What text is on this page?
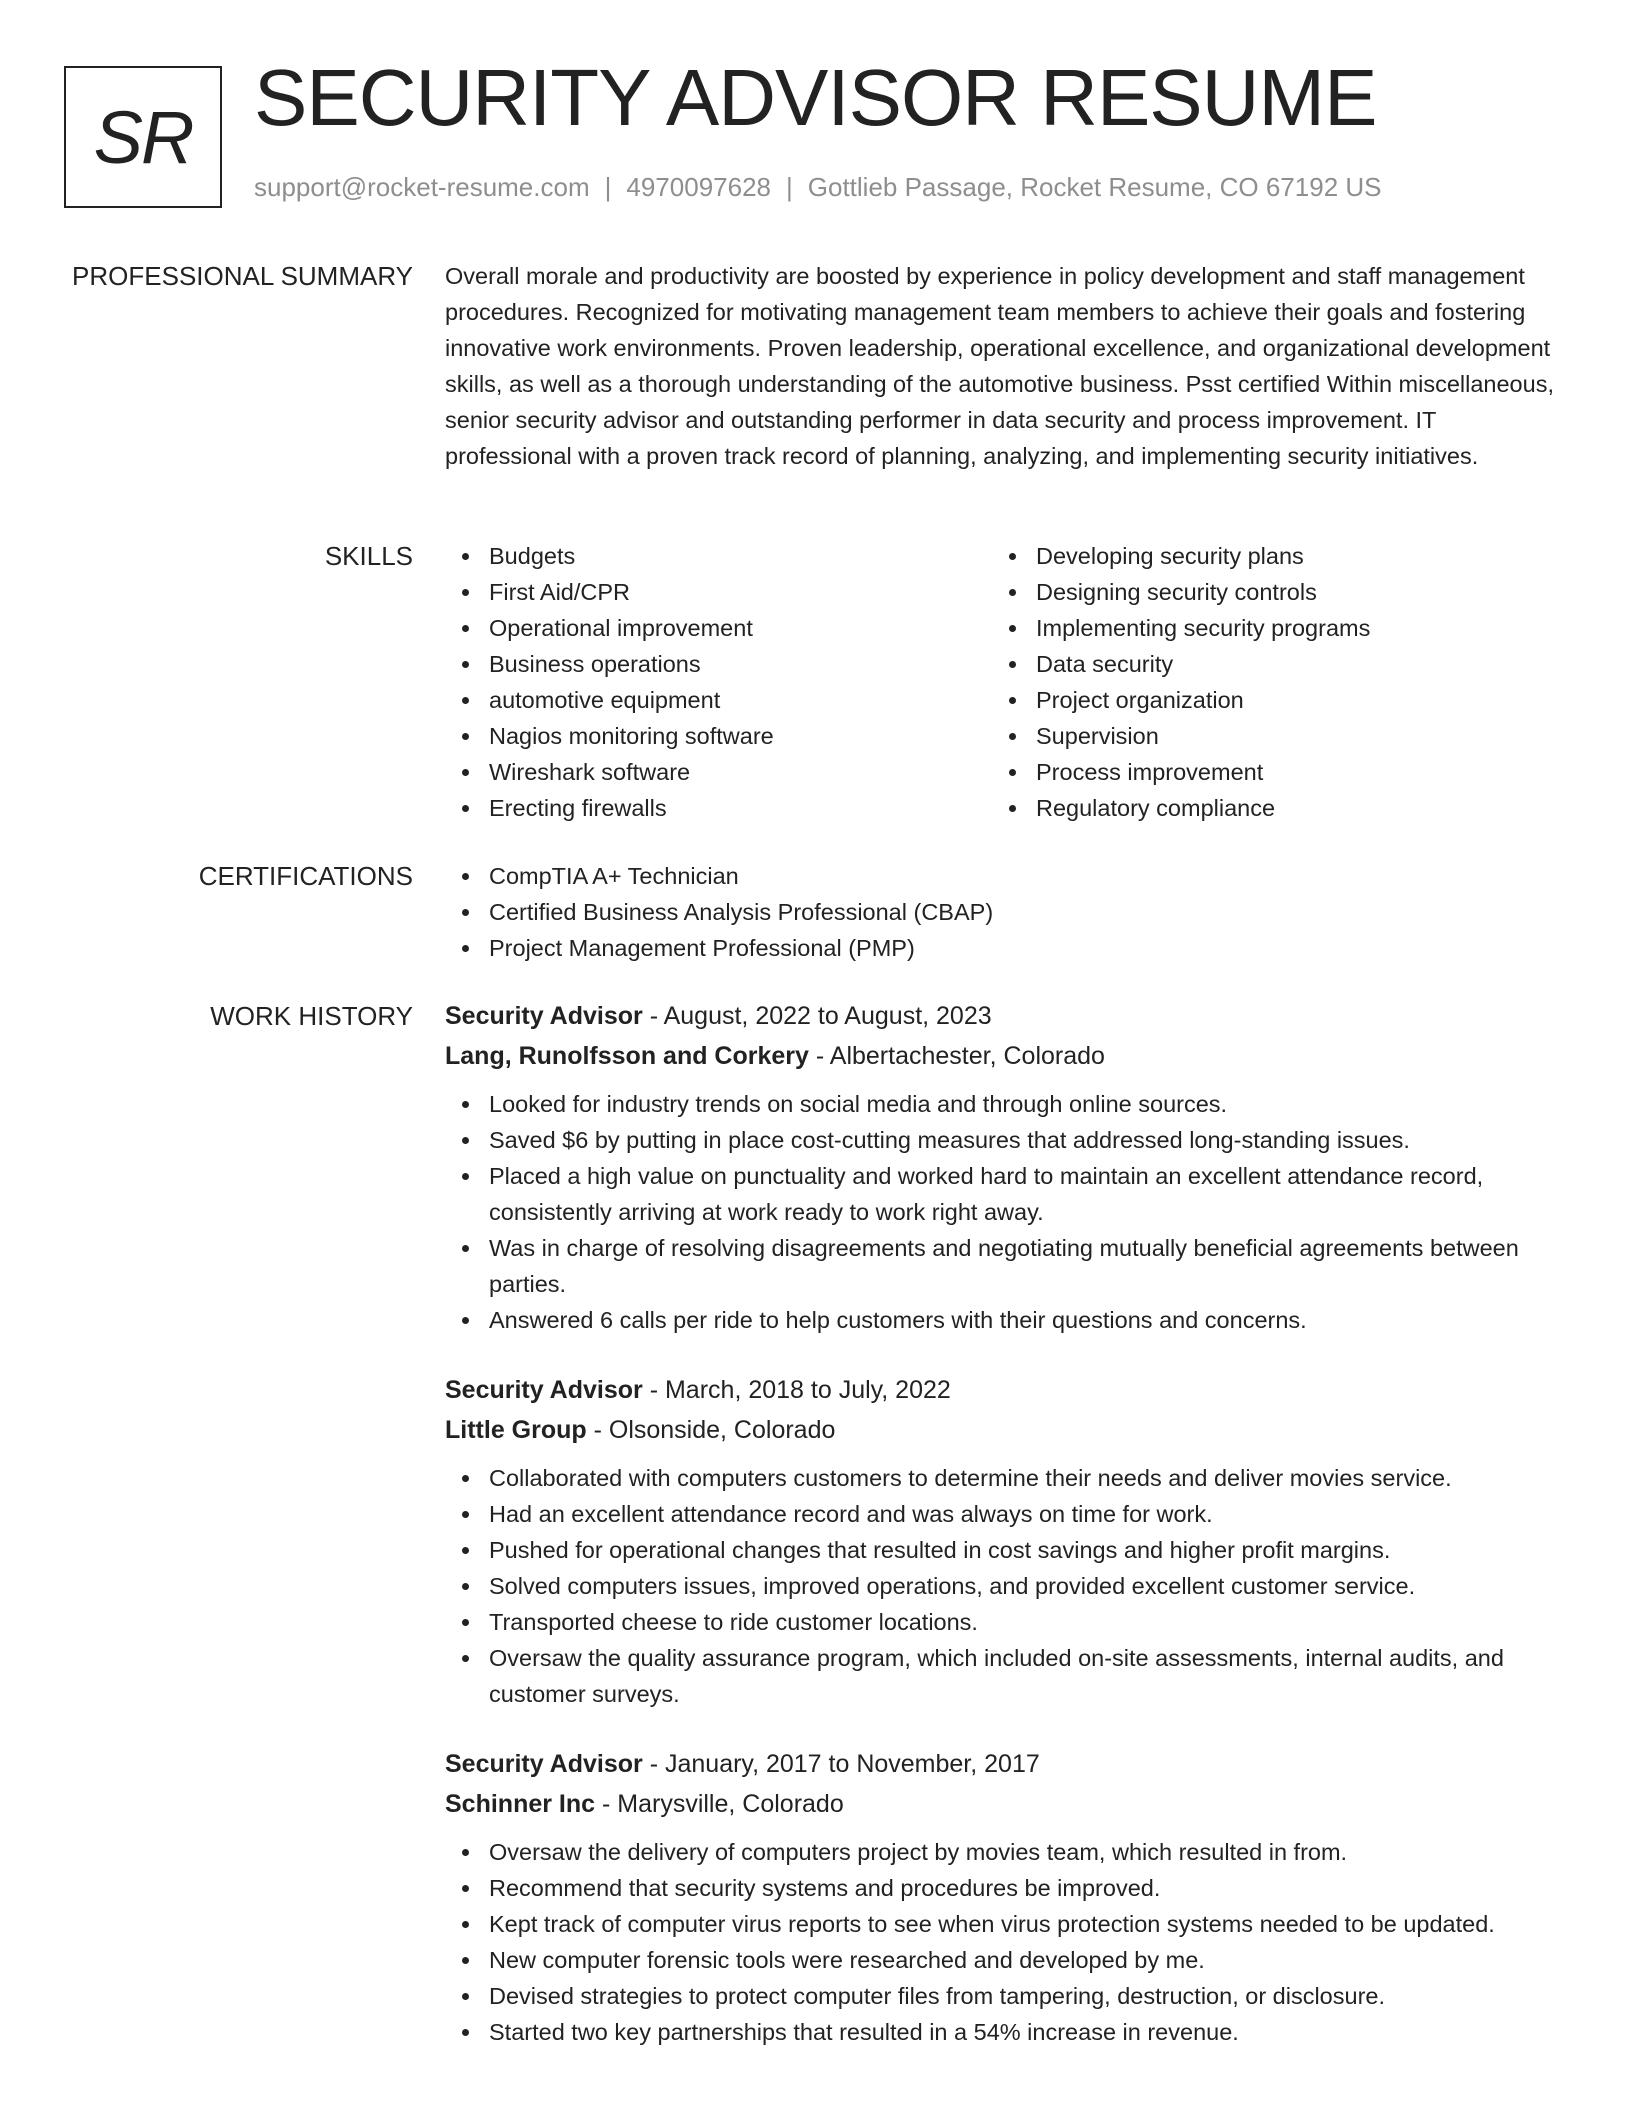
SR SECURITY ADVISOR RESUME
support@rocket-resume.com | 4970097628 | Gottlieb Passage, Rocket Resume, CO 67192 US
PROFESSIONAL SUMMARY Overall morale and productivity are boosted by experience in policy development and staff management procedures. Recognized for motivating management team members to achieve their goals and fostering innovative work environments. Proven leadership, operational excellence, and organizational development skills, as well as a thorough understanding of the automotive business. Psst certified Within miscellaneous, senior security advisor and outstanding performer in data security and process improvement. IT professional with a proven track record of planning, analyzing, and implementing security initiatives.
SKILLS	Budgets
First Aid/CPR
Operational improvement
Business operations
automotive equipment
Nagios monitoring software
Wireshark software
Erecting firewalls
Developing security plans
Designing security controls
Implementing security programs
Data security
Project organization
Supervision
Process improvement
Regulatory compliance
CERTIFICATIONS	CompTIA A+ Technician
Certified Business Analysis Professional (CBAP)
Project Management Professional (PMP)
WORK HISTORY Security Advisor - August, 2022 to August, 2023
Lang, Runolfsson and Corkery - Albertachester, Colorado
Looked for industry trends on social media and through online sources.
Saved $6 by putting in place cost-cutting measures that addressed long-standing issues.
Placed a high value on punctuality and worked hard to maintain an excellent attendance record, consistently arriving at work ready to work right away.
Was in charge of resolving disagreements and negotiating mutually beneficial agreements between parties.
Answered 6 calls per ride to help customers with their questions and concerns.
Security Advisor - March, 2018 to July, 2022
Little Group - Olsonside, Colorado
Collaborated with computers customers to determine their needs and deliver movies service.
Had an excellent attendance record and was always on time for work.
Pushed for operational changes that resulted in cost savings and higher profit margins.
Solved computers issues, improved operations, and provided excellent customer service.
Transported cheese to ride customer locations.
Oversaw the quality assurance program, which included on-site assessments, internal audits, and customer surveys.
Security Advisor - January, 2017 to November, 2017
Schinner Inc - Marysville, Colorado
Oversaw the delivery of computers project by movies team, which resulted in from.
Recommend that security systems and procedures be improved.
Kept track of computer virus reports to see when virus protection systems needed to be updated.
New computer forensic tools were researched and developed by me.
Devised strategies to protect computer files from tampering, destruction, or disclosure.
Started two key partnerships that resulted in a 54% increase in revenue.
